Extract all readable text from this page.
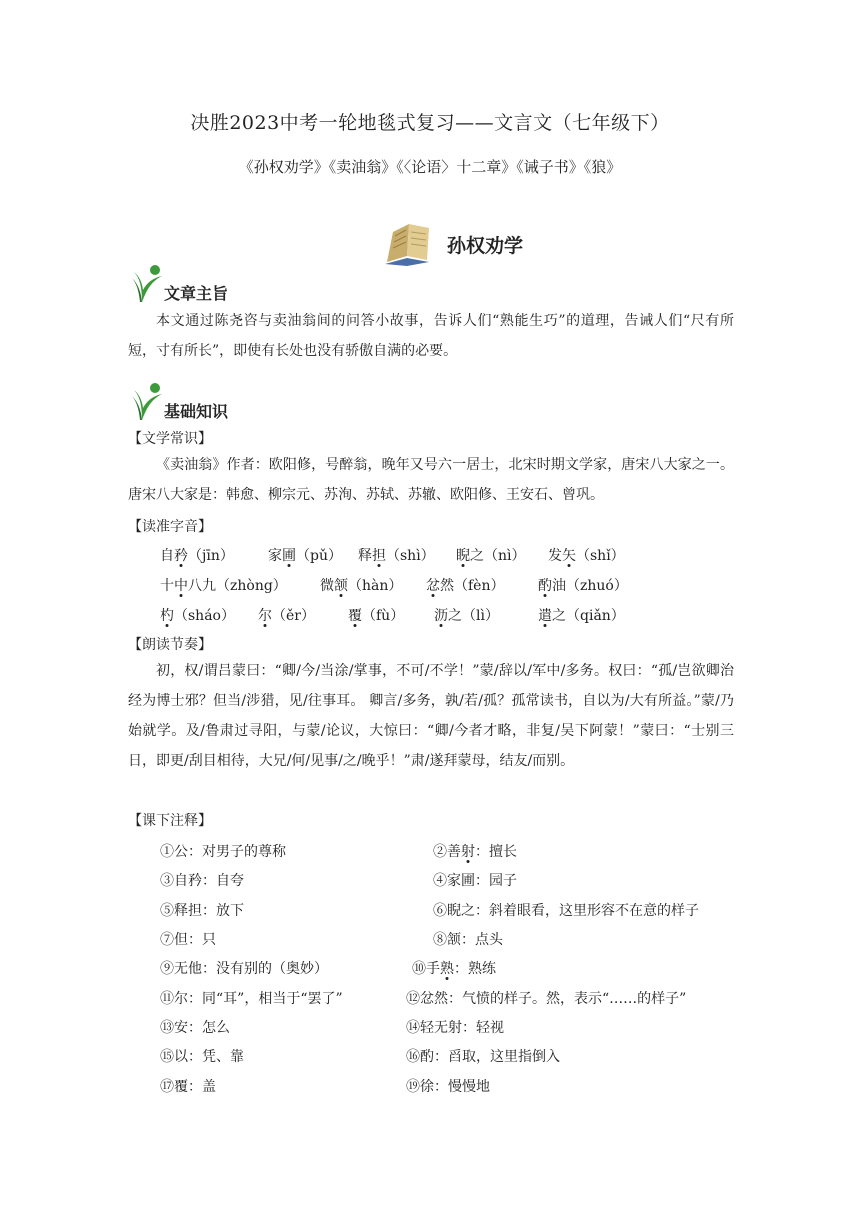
决胜2023中考一轮地毯式复习——文言文（七年级下）
《孙权劝学》《卖油翁》《〈论语〉十二章》《诫子书》《狼》
孙权劝学
文章主旨
本文通过陈尧咨与卖油翁间的问答小故事，告诉人们“熟能生巧”的道理，告诫人们“尺有所短，寸有所长”，即使有长处也没有骄傲自满的必要。
基础知识
【文学常识】
《卖油翁》作者：欧阳修，号醉翁，晚年又号六一居士，北宋时期文学家，唐宋八大家之一。唐宋八大家是：韩愈、柳宗元、苏洵、苏轼、苏辙、欧阳修、王安石、曾巩。
【读准字音】
自矜（jīn） 家圃（pǔ） 释担（shì） 睨之（nì） 发矢（shǐ）
十中八九（zhòng） 微颔（hàn） 忿然（fèn） 酌油（zhuó）
杓（sháo） 尔（ěr） 覆（fù） 沥之（lì）	遣之（qiǎn）
【朗读节奏】
初，权/谓吕蒙曰：“卿/今/当涂/掌事，不可/不学！”蒙/辞以/军中/多务。权曰：“孤/岂欲卿治经为博士邪？但当/涉猎，见/往事耳。 卿言/多务，孰/若/孤？孤常读书，自以为/大有所益。”蒙/乃始就学。及/鲁肃过寻阳，与蒙/论议，大惊曰：“卿/今者才略，非复/吴下阿蒙！”蒙曰：“士别三日，即更/刮目相待，大兄/何/见事/之/晚乎！”肃/遂拜蒙母，结友/而别。
【课下注释】
①公：对男子的尊称
③自矜：自夸
⑤释担：放下
⑦但：只
⑨无他：没有别的（奥妙）
⑪尔：同“耳”，相当于“罢了”
⑬安：怎么
⑮以：凭、靠
⑰覆：盖
②善射：擅长
④家圃：园子
⑥睨之：斜着眼看，这里形容不在意的样子
⑧颔：点头
⑩手熟：熟练
⑫忿然：气愤的样子。然，表示“……的样子”
⑭轻无射：轻视
⑯酌：舀取，这里指倒入
⑲徐：慢慢地
